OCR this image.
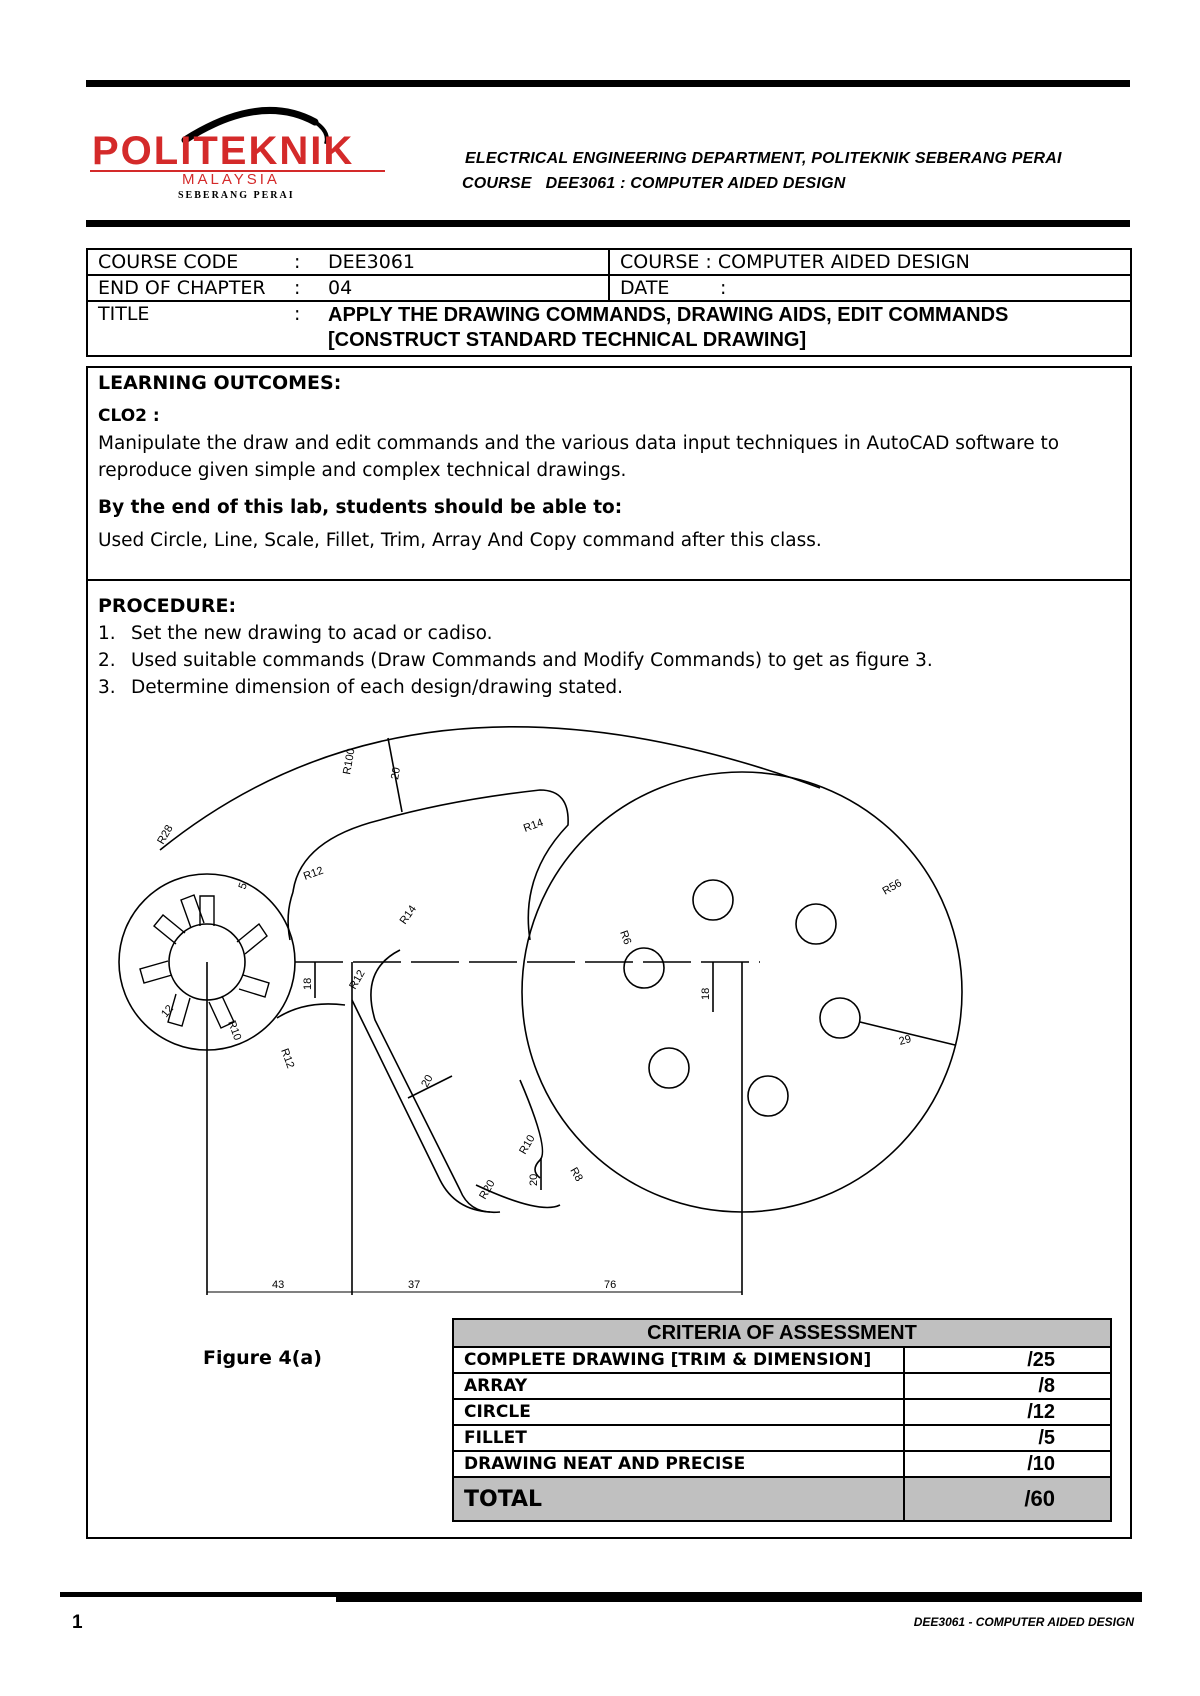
POLITEKNIK
MALAYSIA
SEBERANG PERAI
ELECTRICAL ENGINEERING DEPARTMENT, POLITEKNIK SEBERANG PERAI
COURSE   DEE3061 : COMPUTER AIDED DESIGN
COURSE CODE : DEE3061	COURSE : COMPUTER AIDED DESIGN
END OF CHAPTER : 04	DATE :

TITLE : APPLY THE DRAWING COMMANDS, DRAWING AIDS, EDIT COMMANDS
[CONSTRUCT STANDARD TECHNICAL DRAWING]	
LEARNING OUTCOMES:
CLO2 :
Manipulate the draw and edit commands and the various data input techniques in AutoCAD software to reproduce given simple and complex technical drawings.
By the end of this lab, students should be able to:
Used Circle, Line, Scale, Fillet, Trim, Array And Copy command after this class.
PROCEDURE:
1. Set the new drawing to acad or cadiso.
2. Used suitable commands (Draw Commands and Modify Commands) to get as figure 3.
3. Determine dimension of each design/drawing stated.
R100	20
R14
R12
R56
R28
R14
R12
R10
R12
18
18
12
5
R6
20
R10
R8
R20	20
29
43	37	76
Figure 4(a)
CRITERIA OF ASSESSMENT	
COMPLETE DRAWING [TRIM & DIMENSION]	/25
ARRAY	/8
CIRCLE	/12
FILLET	/5
DRAWING NEAT AND PRECISE	/10
TOTAL	/60
1	DEE3061 - COMPUTER AIDED DESIGN
